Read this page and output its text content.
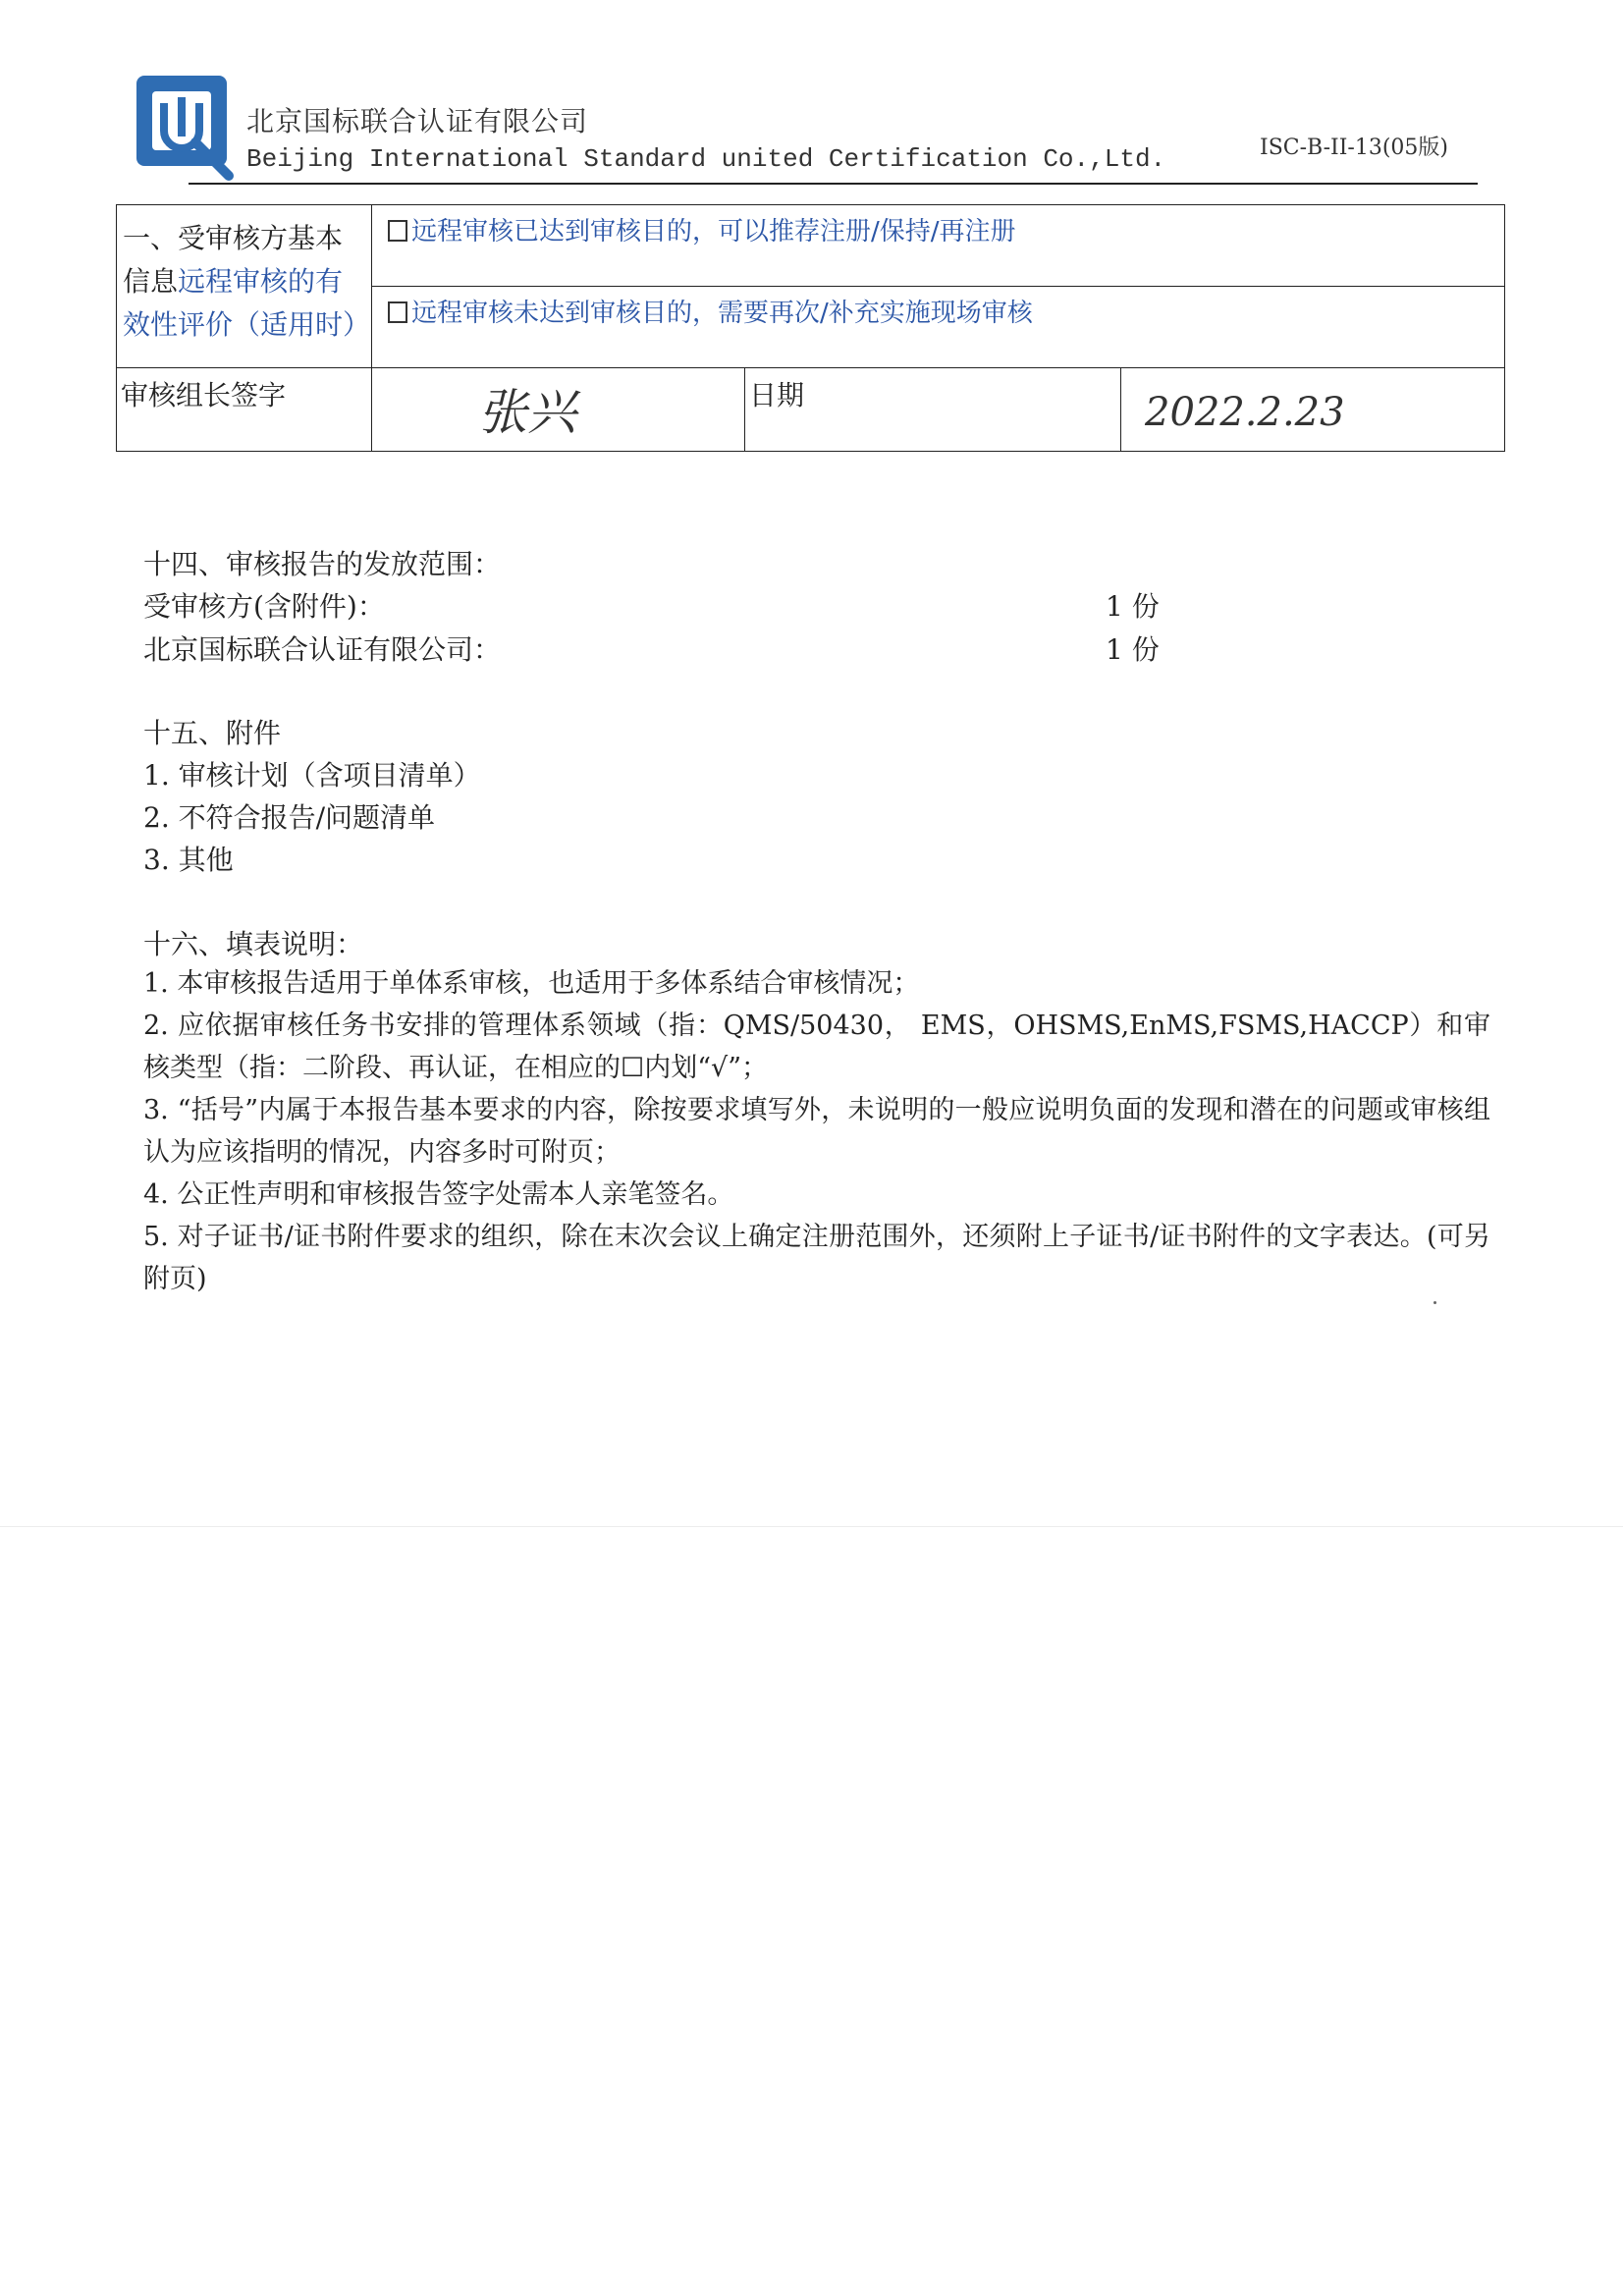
北京国标联合认证有限公司
Beijing International Standard united Certification Co.,Ltd.	ISC-B-II-13(05版)
一、受审核方基本信息远程审核的有效性评价（适用时）	远程审核已达到审核目的，可以推荐注册/保持/再注册		
	远程审核未达到审核目的，需要再次/补充实施现场审核		
审核组长签字	张兴	日期	2022.2.23
十四、审核报告的发放范围：
受审核方(含附件)：	1 份
北京国标联合认证有限公司：	1 份
十五、附件
1. 审核计划（含项目清单）
2. 不符合报告/问题清单
3. 其他
十六、填表说明：
1. 本审核报告适用于单体系审核，也适用于多体系结合审核情况；
2. 应依据审核任务书安排的管理体系领域（指：QMS/50430， EMS，OHSMS,EnMS,FSMS,HACCP）和审核类型（指：二阶段、再认证，在相应的☐内划“√”；
3. “括号”内属于本报告基本要求的内容，除按要求填写外，未说明的一般应说明负面的发现和潜在的问题或审核组认为应该指明的情况，内容多时可附页；
4. 公正性声明和审核报告签字处需本人亲笔签名。
5. 对子证书/证书附件要求的组织，除在末次会议上确定注册范围外，还须附上子证书/证书附件的文字表达。(可另附页)
